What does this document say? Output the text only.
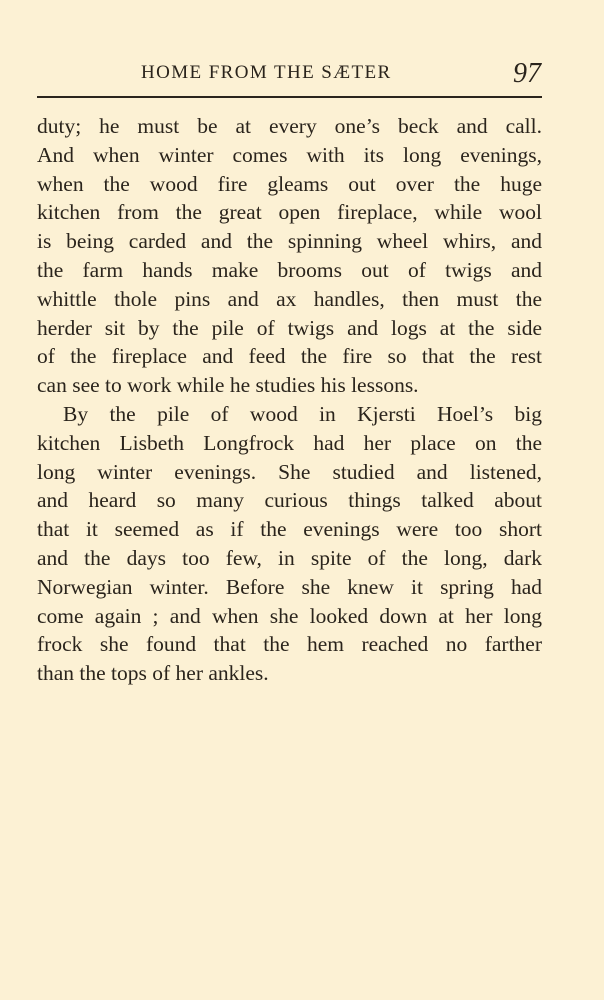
HOME FROM THE SÆTER	97
duty; he must be at every one’s beck and call.
And when winter comes with its long evenings,
when the wood fire gleams out over the huge
kitchen from the great open fireplace, while wool
is being carded and the spinning wheel whirs, and
the farm hands make brooms out of twigs and
whittle thole pins and ax handles, then must the
herder sit by the pile of twigs and logs at the side
of the fireplace and feed the fire so that the rest
can see to work while he studies his lessons.
By the pile of wood in Kjersti Hoel’s big
kitchen Lisbeth Longfrock had her place on the
long winter evenings. She studied and listened,
and heard so many curious things talked about
that it seemed as if the evenings were too short
and the days too few, in spite of the long, dark
Norwegian winter. Before she knew it spring had
come again ; and when she looked down at her long
frock she found that the hem reached no farther
than the tops of her ankles.
